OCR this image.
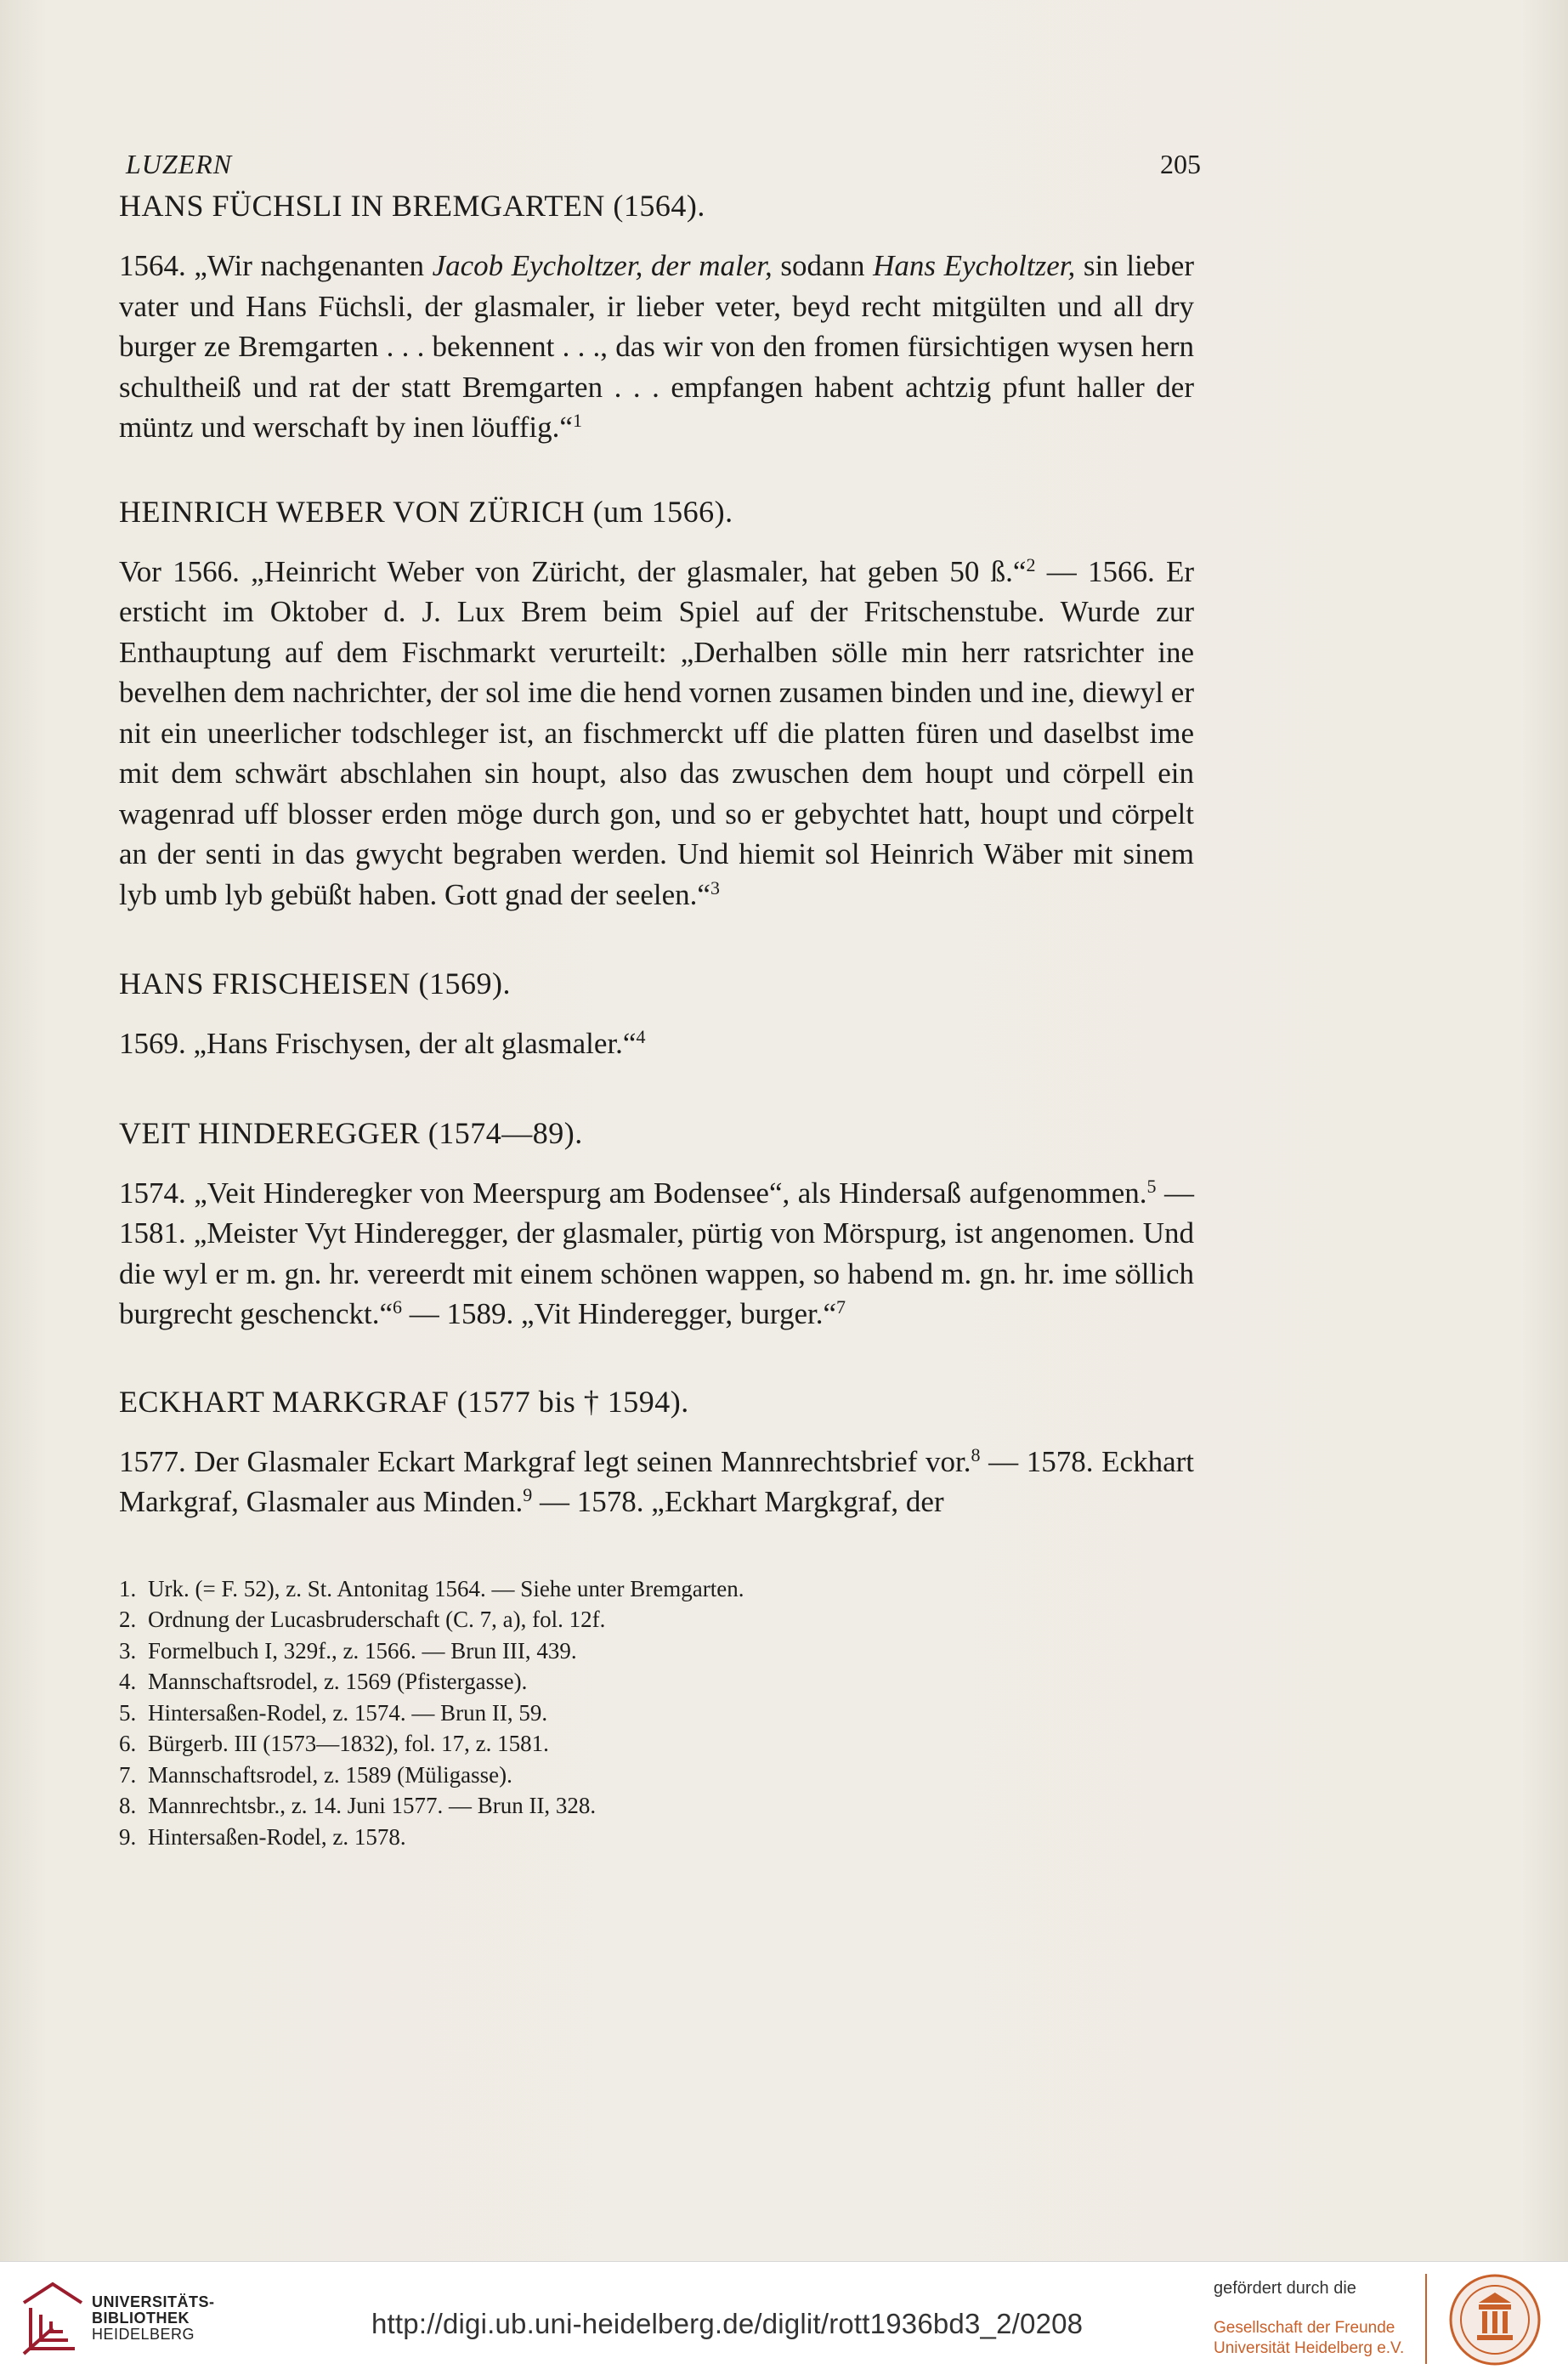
LUZERN	205
HANS FÜCHSLI IN BREMGARTEN (1564).

1564. „Wir nachgenanten Jacob Eycholtzer, der maler, sodann Hans Eycholtzer, sin lieber vater und Hans Füchsli, der glasmaler, ir lieber veter, beyd recht mitgülten und all dry burger ze Bremgarten . . . bekennent . . ., das wir von den fromen fürsichtigen wysen hern schultheiß und rat der statt Bremgarten . . . empfangen habent achtzig pfunt haller der müntz und werschaft by inen löuffig.“$^1$

HEINRICH WEBER VON ZÜRICH (um 1566).

Vor 1566. „Heinricht Weber von Züricht, der glasmaler, hat geben 50 ß.“$^2$ — 1566. Er ersticht im Oktober d. J. Lux Brem beim Spiel auf der Fritschenstube. Wurde zur Enthauptung auf dem Fischmarkt verurteilt: „Derhalben sölle min herr ratsrichter ine bevelhen dem nachrichter, der sol ime die hend vornen zusamen binden und ine, diewyl er nit ein uneerlicher todschleger ist, an fischmerckt uff die platten füren und daselbst ime mit dem schwärt abschlahen sin houpt, also das zwuschen dem houpt und cörpell ein wagenrad uff blosser erden möge durch gon, und so er gebychtet hatt, houpt und cörpelt an der senti in das gwycht begraben werden. Und hiemit sol Heinrich Wäber mit sinem lyb umb lyb gebüßt haben. Gott gnad der seelen.“$^3$

HANS FRISCHEISEN (1569).

1569. „Hans Frischysen, der alt glasmaler.“$^4$

VEIT HINDEREGGER (1574—89).

1574. „Veit Hinderegker von Meerspurg am Bodensee“, als Hindersaß aufgenommen.$^5$ — 1581. „Meister Vyt Hinderegger, der glasmaler, pürtig von Mörspurg, ist angenomen. Und die wyl er m. gn. hr. vereerdt mit einem schönen wappen, so habend m. gn. hr. ime söllich burgrecht geschenckt.“$^6$ — 1589. „Vit Hinderegger, burger.“$^7$

ECKHART MARKGRAF (1577 bis † 1594).

1577. Der Glasmaler Eckart Markgraf legt seinen Mannrechtsbrief vor.$^8$ — 1578. Eckhart Markgraf, Glasmaler aus Minden.$^9$ — 1578. „Eckhart Margkgraf, der

1. Urk. (= F. 52), z. St. Antonitag 1564. — Siehe unter Bremgarten.

2. Ordnung der Lucasbruderschaft (C. 7, a), fol. 12f.

3. Formelbuch I, 329f., z. 1566. — Brun III, 439.

4. Mannschaftsrodel, z. 1569 (Pfistergasse).

5. Hintersaßen-Rodel, z. 1574. — Brun II, 59.

6. Bürgerb. III (1573—1832), fol. 17, z. 1581.

7. Mannschaftsrodel, z. 1589 (Müligasse).

8. Mannrechtsbr., z. 14. Juni 1577. — Brun II, 328.

9. Hintersaßen-Rodel, z. 1578.

UNIVERSITÄTS-
BIBLIOTHEK
HEIDELBERG	http://digi.ub.uni-heidelberg.de/diglit/rott1936bd3_2/0208
gefördert durch die
Gesellschaft der Freunde
Universität Heidelberg e.V.
